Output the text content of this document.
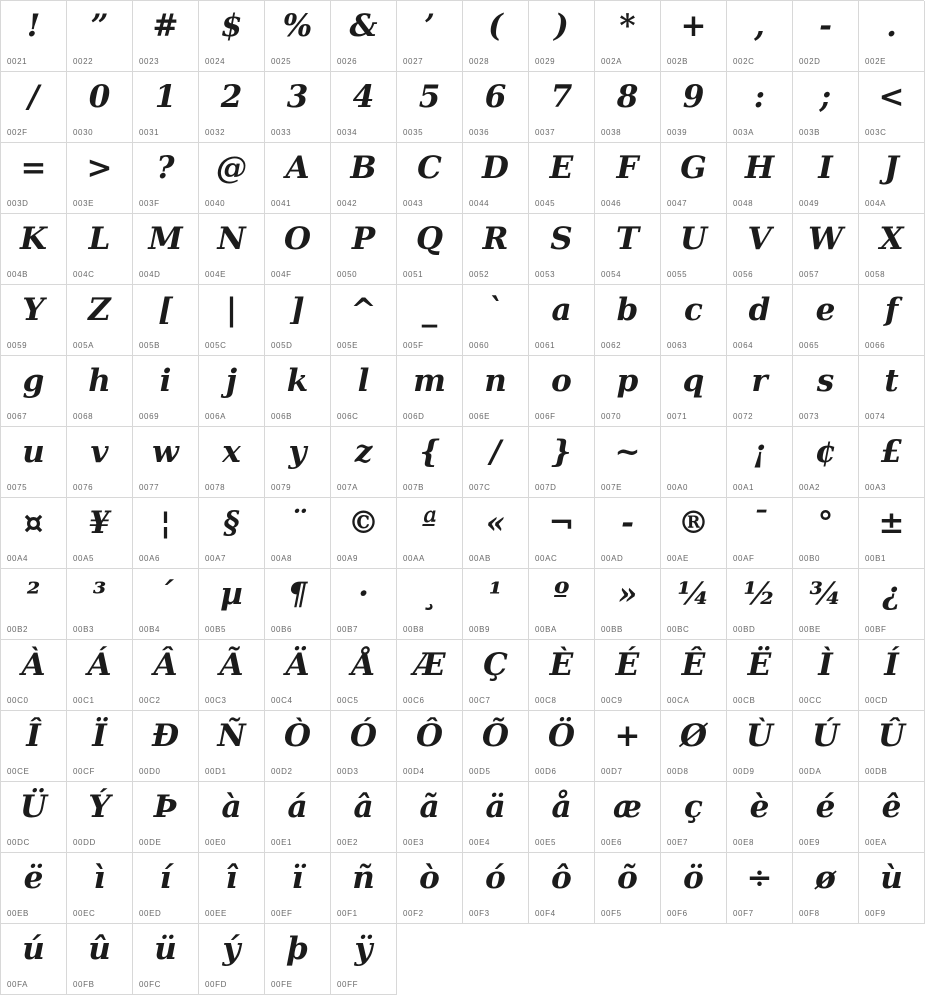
!
0021
”
0022
#
0023
$
0024
%
0025
&
0026
’
0027
(
0028
)
0029
*
002A
+
002B
,
002C
-
002D
.
002E
/
002F
0
0030
1
0031
2
0032
3
0033
4
0034
5
0035
6
0036
7
0037
8
0038
9
0039
:
003A
;
003B
<
003C
=
003D
>
003E
?
003F
@
0040
A
0041
B
0042
C
0043
D
0044
E
0045
F
0046
G
0047
H
0048
I
0049
J
004A
K
004B
L
004C
M
004D
N
004E
O
004F
P
0050
Q
0051
R
0052
S
0053
T
0054
U
0055
V
0056
W
0057
X
0058
Y
0059
Z
005A
[
005B
|
005C
]
005D
^
005E
_
005F
`
0060
a
0061
b
0062
c
0063
d
0064
e
0065
f
0066
g
0067
h
0068
i
0069
j
006A
k
006B
l
006C
m
006D
n
006E
o
006F
p
0070
q
0071
r
0072
s
0073
t
0074
u
0075
v
0076
w
0077
x
0078
y
0079
z
007A
{
007B
/
007C
}
007D
~
007E	00A0
¡
00A1
¢
00A2
£
00A3
¤
00A4
¥
00A5
¦
00A6
§
00A7
¨
00A8
©
00A9
ª
00AA
«
00AB
¬
00AC
-
00AD
®
00AE
¯
00AF
°
00B0
±
00B1
²
00B2
³
00B3
´
00B4
µ
00B5
¶
00B6
·
00B7
¸
00B8
¹
00B9
º
00BA
»
00BB
¼
00BC
½
00BD
¾
00BE
¿
00BF
À
00C0
Á
00C1
Â
00C2
Ã
00C3
Ä
00C4
Å
00C5
Æ
00C6
Ç
00C7
È
00C8
É
00C9
Ê
00CA
Ë
00CB
Ì
00CC
Í
00CD
Î
00CE
Ï
00CF
Ð
00D0
Ñ
00D1
Ò
00D2
Ó
00D3
Ô
00D4
Õ
00D5
Ö
00D6
+
00D7
Ø
00D8
Ù
00D9
Ú
00DA
Û
00DB
Ü
00DC
Ý
00DD
Þ
00DE
à
00E0
á
00E1
â
00E2
ã
00E3
ä
00E4
å
00E5
æ
00E6
ç
00E7
è
00E8
é
00E9
ê
00EA
ë
00EB
ì
00EC
í
00ED
î
00EE
ï
00EF
ñ
00F1
ò
00F2
ó
00F3
ô
00F4
õ
00F5
ö
00F6
÷
00F7
ø
00F8
ù
00F9
ú
00FA
û
00FB
ü
00FC
ý
00FD
þ
00FE
ÿ
00FF
